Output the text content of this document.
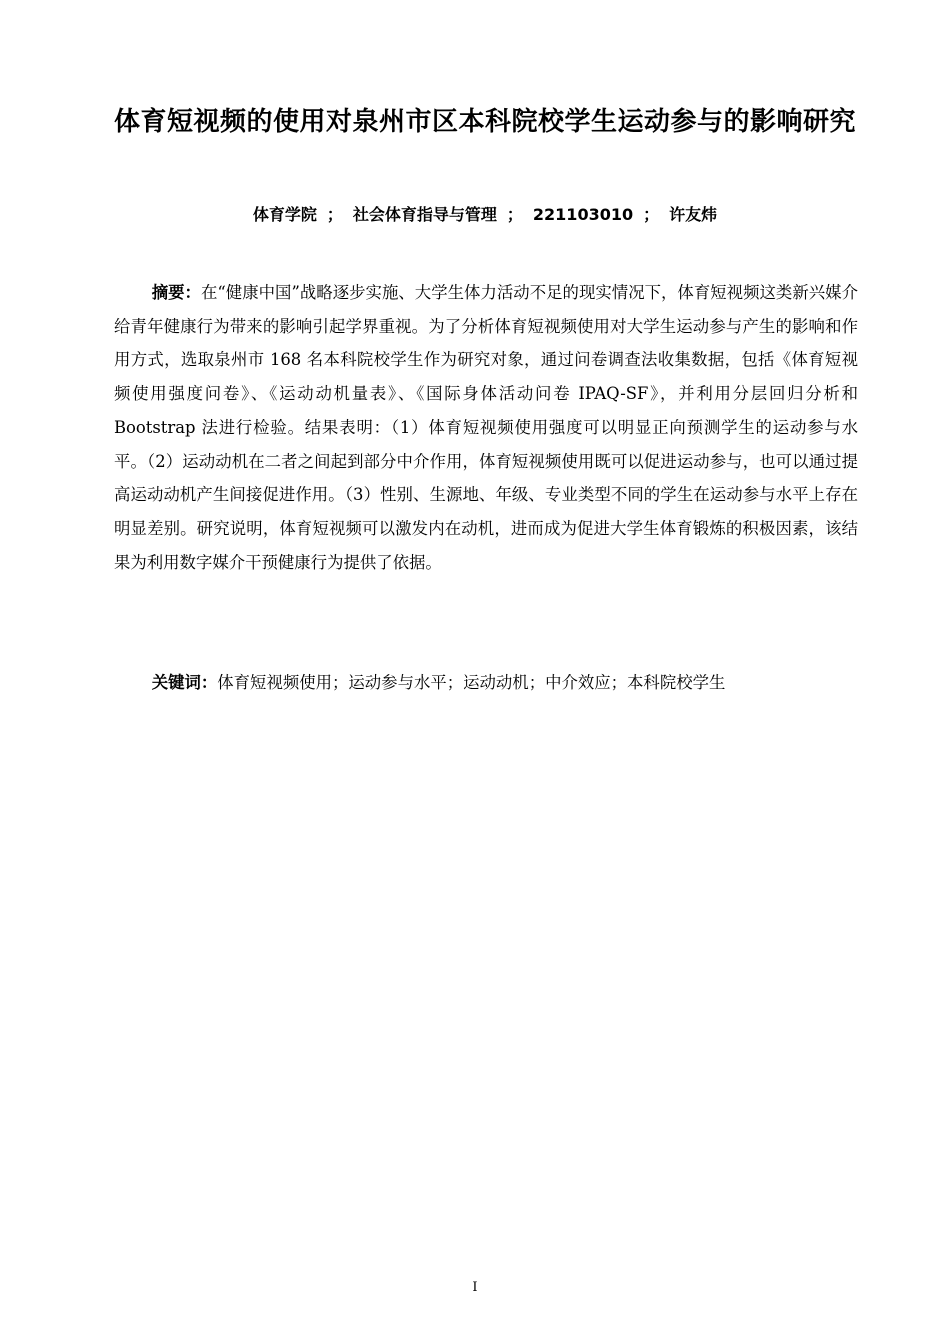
体育短视频的使用对泉州市区本科院校学生运动参与的影响研究
体育学院 ； 社会体育指导与管理 ； 221103010 ； 许友炜

摘要：在“健康中国”战略逐步实施、大学生体力活动不足的现实情况下，体育短视频这类新兴媒介给青年健康行为带来的影响引起学界重视。为了分析体育短视频使用对大学生运动参与产生的影响和作用方式，选取泉州市 168 名本科院校学生作为研究对象，通过问卷调查法收集数据，包括《体育短视频使用强度问卷》、《运动动机量表》、《国际身体活动问卷 IPAQ-SF》，并利用分层回归分析和 Bootstrap 法进行检验。结果表明：（1）体育短视频使用强度可以明显正向预测学生的运动参与水平。（2）运动动机在二者之间起到部分中介作用，体育短视频使用既可以促进运动参与，也可以通过提高运动动机产生间接促进作用。（3）性别、生源地、年级、专业类型不同的学生在运动参与水平上存在明显差别。研究说明，体育短视频可以激发内在动机，进而成为促进大学生体育锻炼的积极因素，该结果为利用数字媒介干预健康行为提供了依据。

关键词：体育短视频使用；运动参与水平；运动动机；中介效应；本科院校学生

I
